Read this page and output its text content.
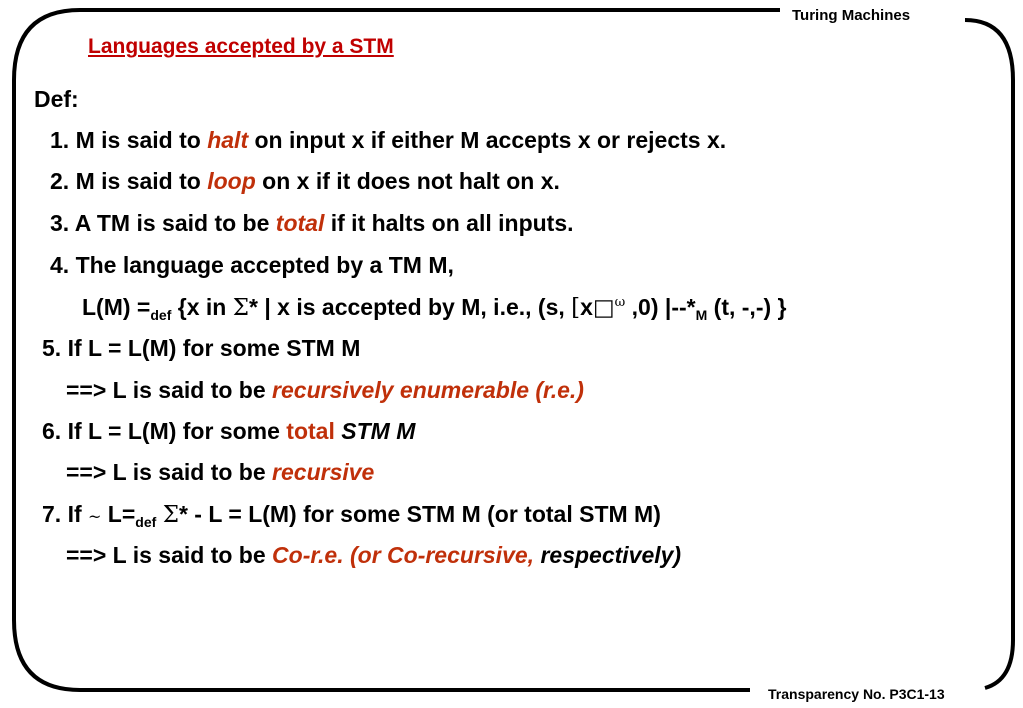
Turing Machines
Languages accepted by a STM
Def:
1. M is said to halt on input x if either M accepts x or rejects x.
2. M is said to loop on x if it does not halt on x.
3. A TM is said to be total if it halts on all inputs.
4. The language accepted by a TM M,
$L(M) =_{def}$ {x in Σ* | x is accepted by M, i.e., (s, [x□$^\omega$ ,0) $|--*_M$ (t, -,-) }
5. If L = L(M) for some STM M
==> L is said to be recursively enumerable (r.e.)
6. If L = L(M) for some total STM M
==> L is said to be recursive
7. If ~ $L=_{def}$ Σ* - L = L(M) for some STM M (or total STM M)
==> L is said to be Co-r.e. (or Co-recursive, respectively)
Transparency No. P3C1-13
